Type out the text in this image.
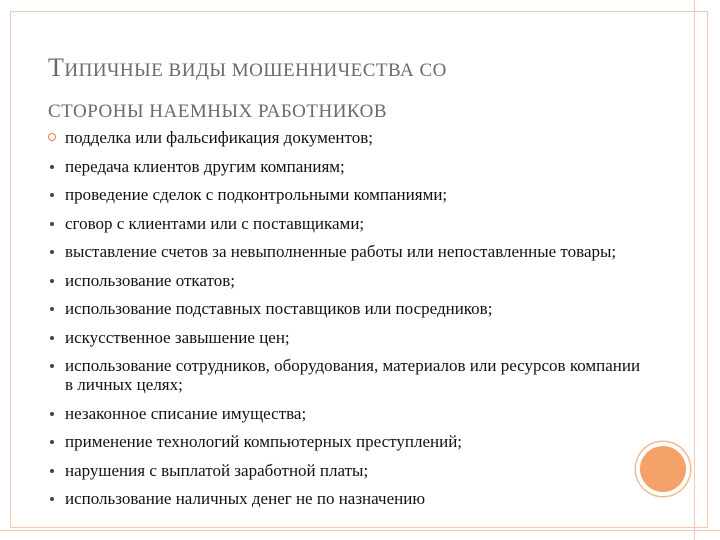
ТИПИЧНЫЕ ВИДЫ МОШЕННИЧЕСТВА СО
СТОРОНЫ НАЕМНЫХ РАБОТНИКОВ
подделка или фальсификация документов;
передача клиентов другим компаниям;
проведение сделок с подконтрольными компаниями;
сговор с клиентами или с поставщиками;
выставление счетов за невыполненные работы или непоставленные товары;
использование откатов;
использование подставных поставщиков или посредников;
искусственное завышение цен;
использование сотрудников, оборудования, материалов или ресурсов компании в личных целях;
незаконное списание имущества;
применение технологий компьютерных преступлений;
нарушения с выплатой заработной платы;
использование наличных денег не по назначению
